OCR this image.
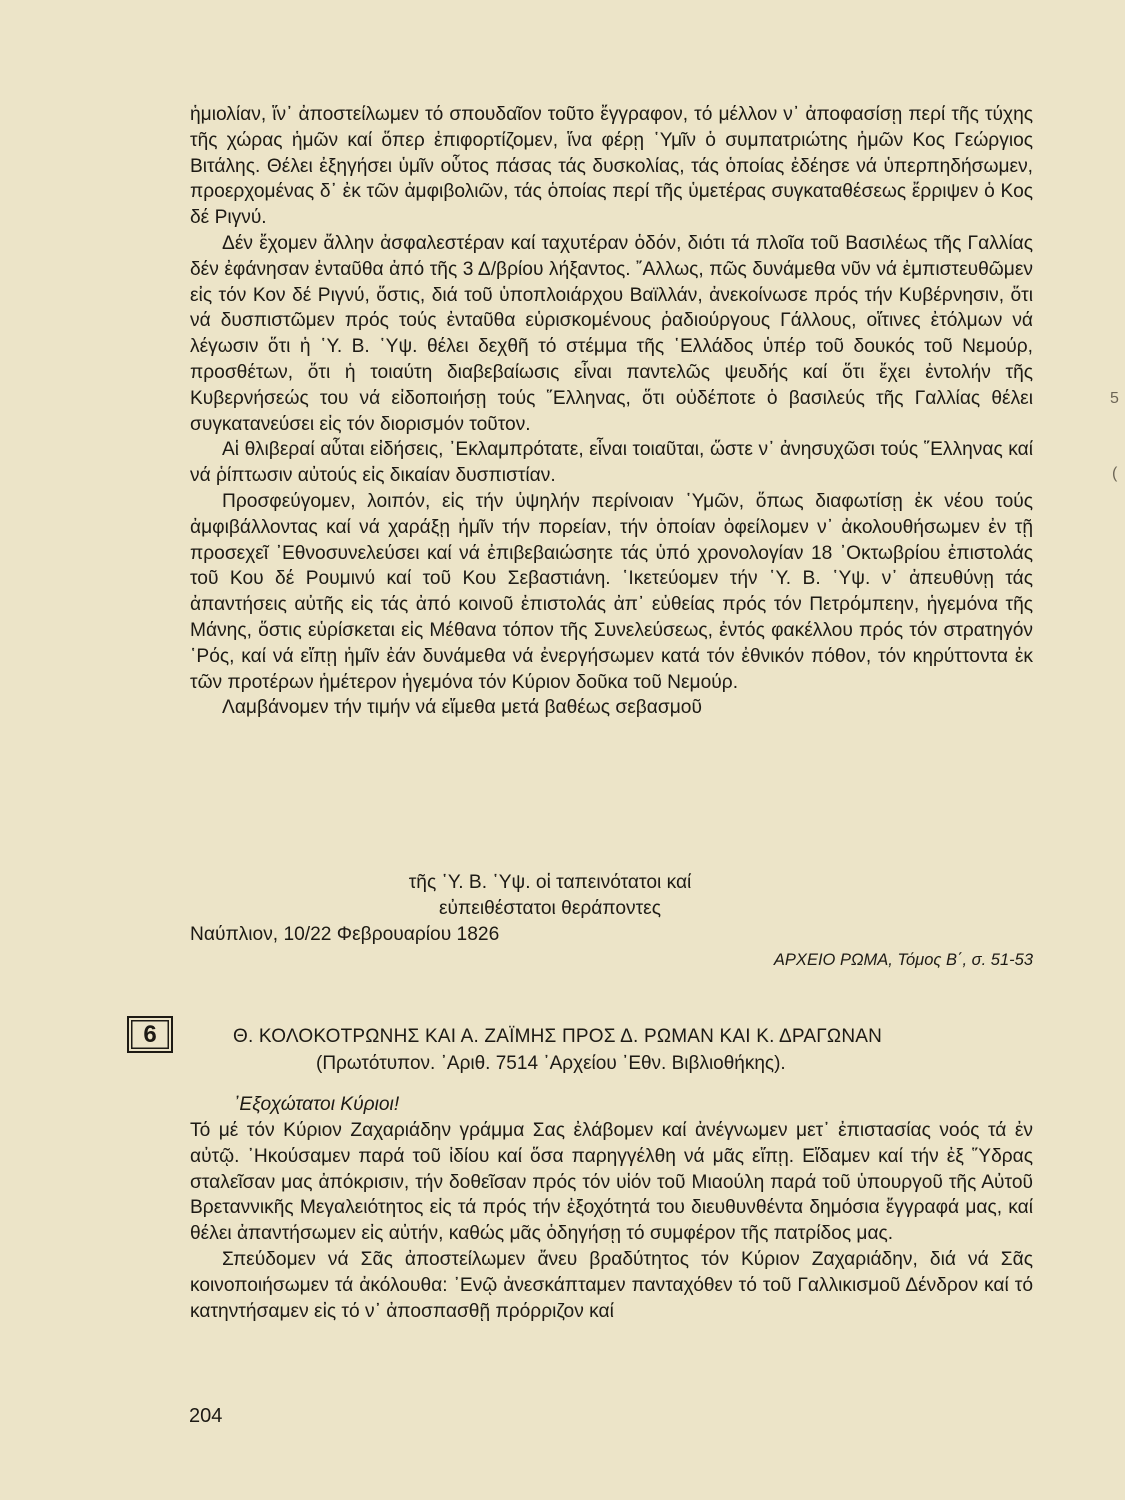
ἡμιολίαν, ἵν᾽ ἀποστείλωμεν τό σπουδαῖον τοῦτο ἔγγραφον, τό μέλλον ν᾽ ἀποφασίσῃ περί τῆς τύχης τῆς χώρας ἡμῶν καί ὅπερ ἐπιφορτίζομεν, ἵνα φέρῃ ῾Υμῖν ὁ συμπατριώτης ἡμῶν Κος Γεώργιος Βιτάλης. Θέλει ἐξηγήσει ὑμῖν οὗτος πάσας τάς δυσκολίας, τάς ὁποίας ἐδέησε νά ὑπερπηδήσωμεν, προερχομένας δ᾽ ἐκ τῶν ἀμφιβολιῶν, τάς ὁποίας περί τῆς ὑμετέρας συγκαταθέσεως ἔρριψεν ὁ Κος δέ Ριγνύ.

Δέν ἔχομεν ἄλλην ἀσφαλεστέραν καί ταχυτέραν ὁδόν, διότι τά πλοῖα τοῦ Βασιλέως τῆς Γαλλίας δέν ἐφάνησαν ἐνταῦθα ἀπό τῆς 3 Δ/βρίου λήξαντος. ῎Αλλως, πῶς δυνάμεθα νῦν νά ἐμπιστευθῶμεν εἰς τόν Κον δέ Ριγνύ, ὅστις, διά τοῦ ὑποπλοιάρχου Βαϊλλάν, ἀνεκοίνωσε πρός τήν Κυβέρνησιν, ὅτι νά δυσπιστῶμεν πρός τούς ἐνταῦθα εὑρισκομένους ῥαδιούργους Γάλλους, οἵτινες ἐτόλμων νά λέγωσιν ὅτι ἡ ῾Υ. Β. ῾Υψ. θέλει δεχθῆ τό στέμμα τῆς ῾Ελλάδος ὑπέρ τοῦ δουκός τοῦ Νεμούρ, προσθέτων, ὅτι ἡ τοιαύτη διαβεβαίωσις εἶναι παντελῶς ψευδής καί ὅτι ἔχει ἐντολήν τῆς Κυβερνήσεώς του νά εἰδοποιήσῃ τούς ῞Ελληνας, ὅτι οὐδέποτε ὁ βασιλεύς τῆς Γαλλίας θέλει συγκατανεύσει εἰς τόν διορισμόν τοῦτον.

Αἱ θλιβεραί αὗται εἰδήσεις, ᾽Εκλαμπρότατε, εἶναι τοιαῦται, ὥστε ν᾽ ἀνησυχῶσι τούς ῞Ελληνας καί νά ῥίπτωσιν αὐτούς εἰς δικαίαν δυσπιστίαν.

Προσφεύγομεν, λοιπόν, εἰς τήν ὑψηλήν περίνοιαν ῾Υμῶν, ὅπως διαφωτίσῃ ἐκ νέου τούς ἀμφιβάλλοντας καί νά χαράξῃ ἡμῖν τήν πορείαν, τήν ὁποίαν ὀφείλομεν ν᾽ ἀκολουθήσωμεν ἐν τῇ προσεχεῖ ᾽Εθνοσυνελεύσει καί νά ἐπιβεβαιώσητε τάς ὑπό χρονολογίαν 18 ᾽Οκτωβρίου ἐπιστολάς τοῦ Κου δέ Ρουμινύ καί τοῦ Κου Σεβαστιάνη. ῾Ικετεύομεν τήν ῾Υ. Β. ῾Υψ. ν᾽ ἀπευθύνῃ τάς ἀπαντήσεις αὐτῆς εἰς τάς ἀπό κοινοῦ ἐπιστολάς ἀπ᾽ εὐθείας πρός τόν Πετρόμπεην, ἡγεμόνα τῆς Μάνης, ὅστις εὑρίσκεται εἰς Μέθανα τόπον τῆς Συνελεύσεως, ἐντός φακέλλου πρός τόν στρατηγόν ῾Ρός, καί νά εἴπῃ ἡμῖν ἐάν δυνάμεθα νά ἐνεργήσωμεν κατά τόν ἐθνικόν πόθον, τόν κηρύττοντα ἐκ τῶν προτέρων ἡμέτερον ἡγεμόνα τόν Κύριον δοῦκα τοῦ Νεμούρ.

Λαμβάνομεν τήν τιμήν νά εἴμεθα μετά βαθέως σεβασμοῦ

τῆς ῾Υ. Β. ῾Υψ. οἱ ταπεινότατοι καί
εὐπειθέστατοι θεράποντες
Ναύπλιον, 10/22 Φεβρουαρίου 1826
ΑΡΧΕΙΟ ΡΩΜΑ, Τόμος Β΄, σ. 51-53
6	Θ. ΚΟΛΟΚΟΤΡΩΝΗΣ ΚΑΙ Α. ΖΑΪΜΗΣ ΠΡΟΣ Δ. ΡΩΜΑΝ ΚΑΙ Κ. ΔΡΑΓΩΝΑΝ
(Πρωτότυπον. ᾽Αριθ. 7514 ᾽Αρχείου ᾽Εθν. Βιβλιοθήκης).
᾽Εξοχώτατοι Κύριοι!

Τό μέ τόν Κύριον Ζαχαριάδην γράμμα Σας ἐλάβομεν καί ἀνέγνωμεν μετ᾽ ἐπιστασίας νοός τά ἐν αὐτῷ. ᾽Ηκούσαμεν παρά τοῦ ἰδίου καί ὅσα παρηγγέλθη νά μᾶς εἴπῃ. Εἴδαμεν καί τήν ἐξ ῞Υδρας σταλεῖσαν μας ἀπόκρισιν, τήν δοθεῖσαν πρός τόν υἱόν τοῦ Μιαούλη παρά τοῦ ὑπουργοῦ τῆς Αὐτοῦ Βρεταννικῆς Μεγαλειότητος εἰς τά πρός τήν ἐξοχότητά του διευθυνθέντα δημόσια ἔγγραφά μας, καί θέλει ἀπαντήσωμεν εἰς αὐτήν, καθώς μᾶς ὁδηγήσῃ τό συμφέρον τῆς πατρίδος μας.

Σπεύδομεν νά Σᾶς ἀποστείλωμεν ἄνευ βραδύτητος τόν Κύριον Ζαχαριάδην, διά νά Σᾶς κοινοποιήσωμεν τά ἀκόλουθα: ᾽Ενῷ ἀνεσκάπταμεν πανταχόθεν τό τοῦ Γαλλικισμοῦ Δένδρον καί τό κατηντήσαμεν εἰς τό ν᾽ ἀποσπασθῇ πρόρριζον καί

204
5
(
